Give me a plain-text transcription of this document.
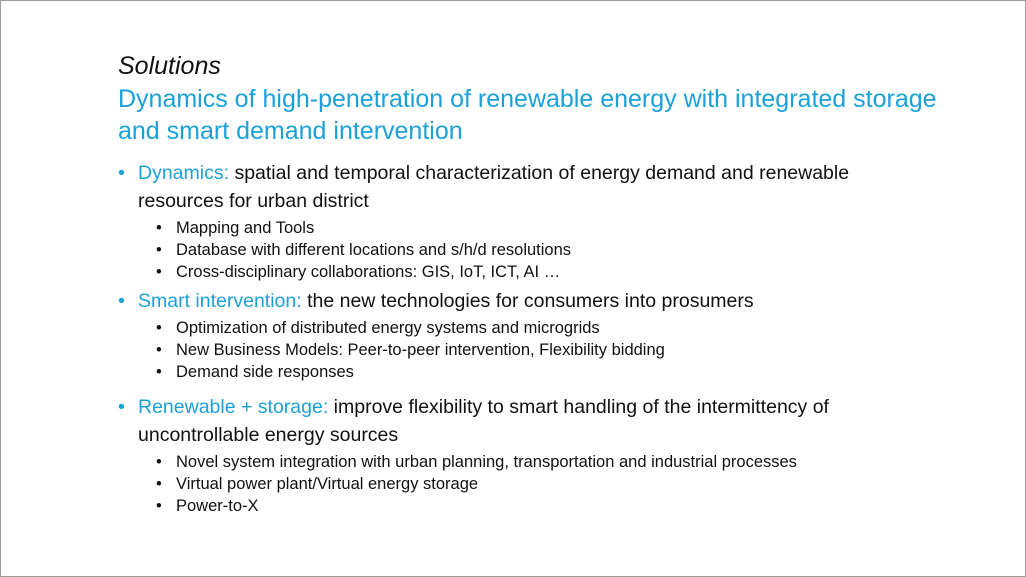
Solutions
Dynamics of high-penetration of renewable energy with integrated storage and smart demand intervention
• Dynamics: spatial and temporal characterization of energy demand and renewable resources for urban district
• Mapping and Tools
• Database with different locations and s/h/d resolutions
• Cross-disciplinary collaborations: GIS, IoT, ICT, AI …
• Smart intervention: the new technologies for consumers into prosumers
• Optimization of distributed energy systems and microgrids
• New Business Models: Peer-to-peer intervention, Flexibility bidding
• Demand side responses
• Renewable + storage: improve flexibility to smart handling of the intermittency of uncontrollable energy sources
• Novel system integration with urban planning, transportation and industrial processes
• Virtual power plant/Virtual energy storage
• Power-to-X
